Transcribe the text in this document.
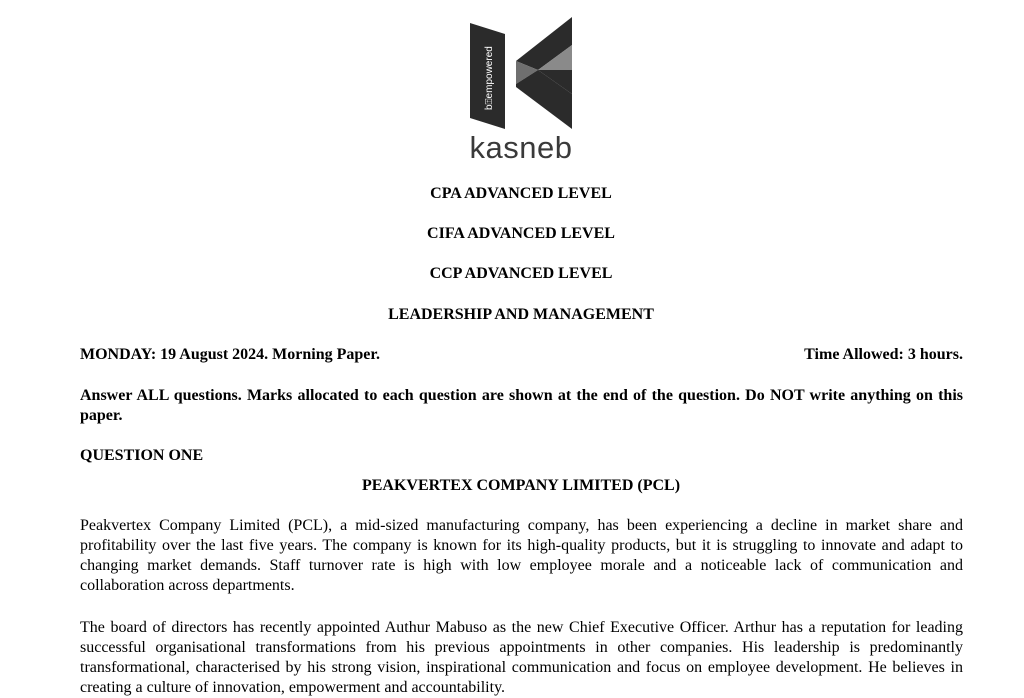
b⍐empowered
kasneb
CPA ADVANCED LEVEL
CIFA ADVANCED LEVEL
CCP ADVANCED LEVEL
LEADERSHIP AND MANAGEMENT
MONDAY: 19 August 2024. Morning Paper.	Time Allowed: 3 hours.
Answer ALL questions. Marks allocated to each question are shown at the end of the question. Do NOT write anything on this paper.
QUESTION ONE
PEAKVERTEX COMPANY LIMITED (PCL)
Peakvertex Company Limited (PCL), a mid-sized manufacturing company, has been experiencing a decline in market share and profitability over the last five years. The company is known for its high-quality products, but it is struggling to innovate and adapt to changing market demands. Staff turnover rate is high with low employee morale and a noticeable lack of communication and collaboration across departments.
The board of directors has recently appointed Authur Mabuso as the new Chief Executive Officer. Arthur has a reputation for leading successful organisational transformations from his previous appointments in other companies. His leadership is predominantly transformational, characterised by his strong vision, inspirational communication and focus on employee development. He believes in creating a culture of innovation, empowerment and accountability.
